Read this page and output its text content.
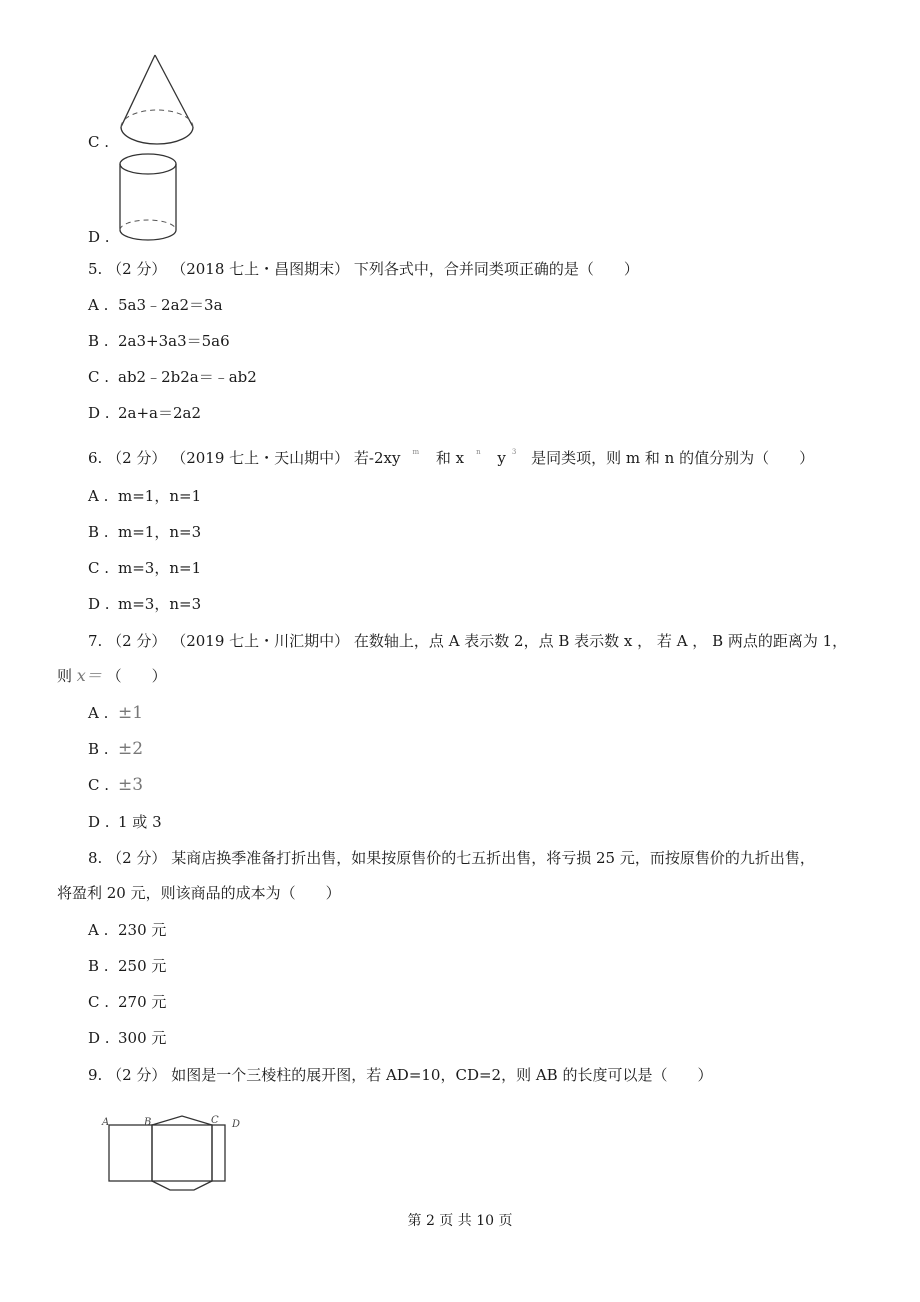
C .
D .
5. （2 分） （2018 七上・昌图期末） 下列各式中，合并同类项正确的是（　　）
A . 5a3﹣2a2＝3a
B . 2a3+3a3＝5a6
C . ab2﹣2b2a＝﹣ab2
D . 2a+a＝2a2
6. （2 分） （2019 七上・天山期中） 若-2xy $^m$ 和 x $^n$ y $^3$ 是同类项，则 m 和 n 的值分别为（　　）
A . m=1，n=1
B . m=1，n=3
C . m=3，n=1
D . m=3，n=3
7. （2 分） （2019 七上・川汇期中） 在数轴上，点 A 表示数 2，点 B 表示数 x ， 若 A ， B 两点的距离为 1，
则 x＝ （　　）
A . ±1
B . ±2
C . ±3
D . 1 或 3
8. （2 分） 某商店换季准备打折出售，如果按原售价的七五折出售，将亏损 25 元，而按原售价的九折出售，
将盈利 20 元，则该商品的成本为（　　）
A . 230 元
B . 250 元
C . 270 元
D . 300 元
9. （2 分） 如图是一个三棱柱的展开图，若 AD=10，CD=2，则 AB 的长度可以是（　　）
A	B	C D
第 2 页 共 10 页
